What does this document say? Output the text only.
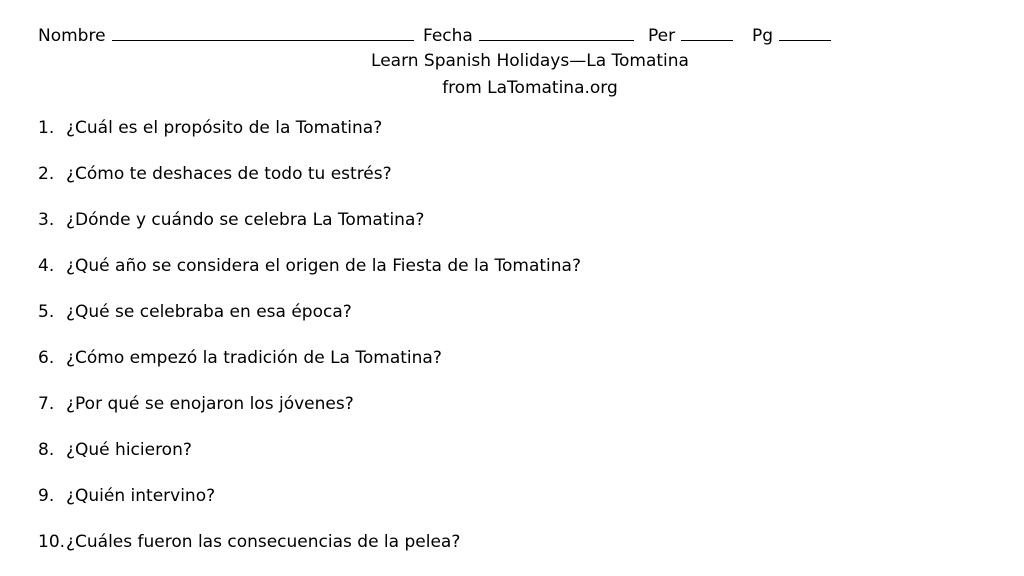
Nombre	Fecha	Per	Pg
Learn Spanish Holidays—La Tomatina
from LaTomatina.org
1. ¿Cuál es el propósito de la Tomatina?
2. ¿Cómo te deshaces de todo tu estrés?
3. ¿Dónde y cuándo se celebra La Tomatina?
4. ¿Qué año se considera el origen de la Fiesta de la Tomatina?
5. ¿Qué se celebraba en esa época?
6. ¿Cómo empezó la tradición de La Tomatina?
7. ¿Por qué se enojaron los jóvenes?
8. ¿Qué hicieron?
9. ¿Quién intervino?
10. ¿Cuáles fueron las consecuencias de la pelea?
